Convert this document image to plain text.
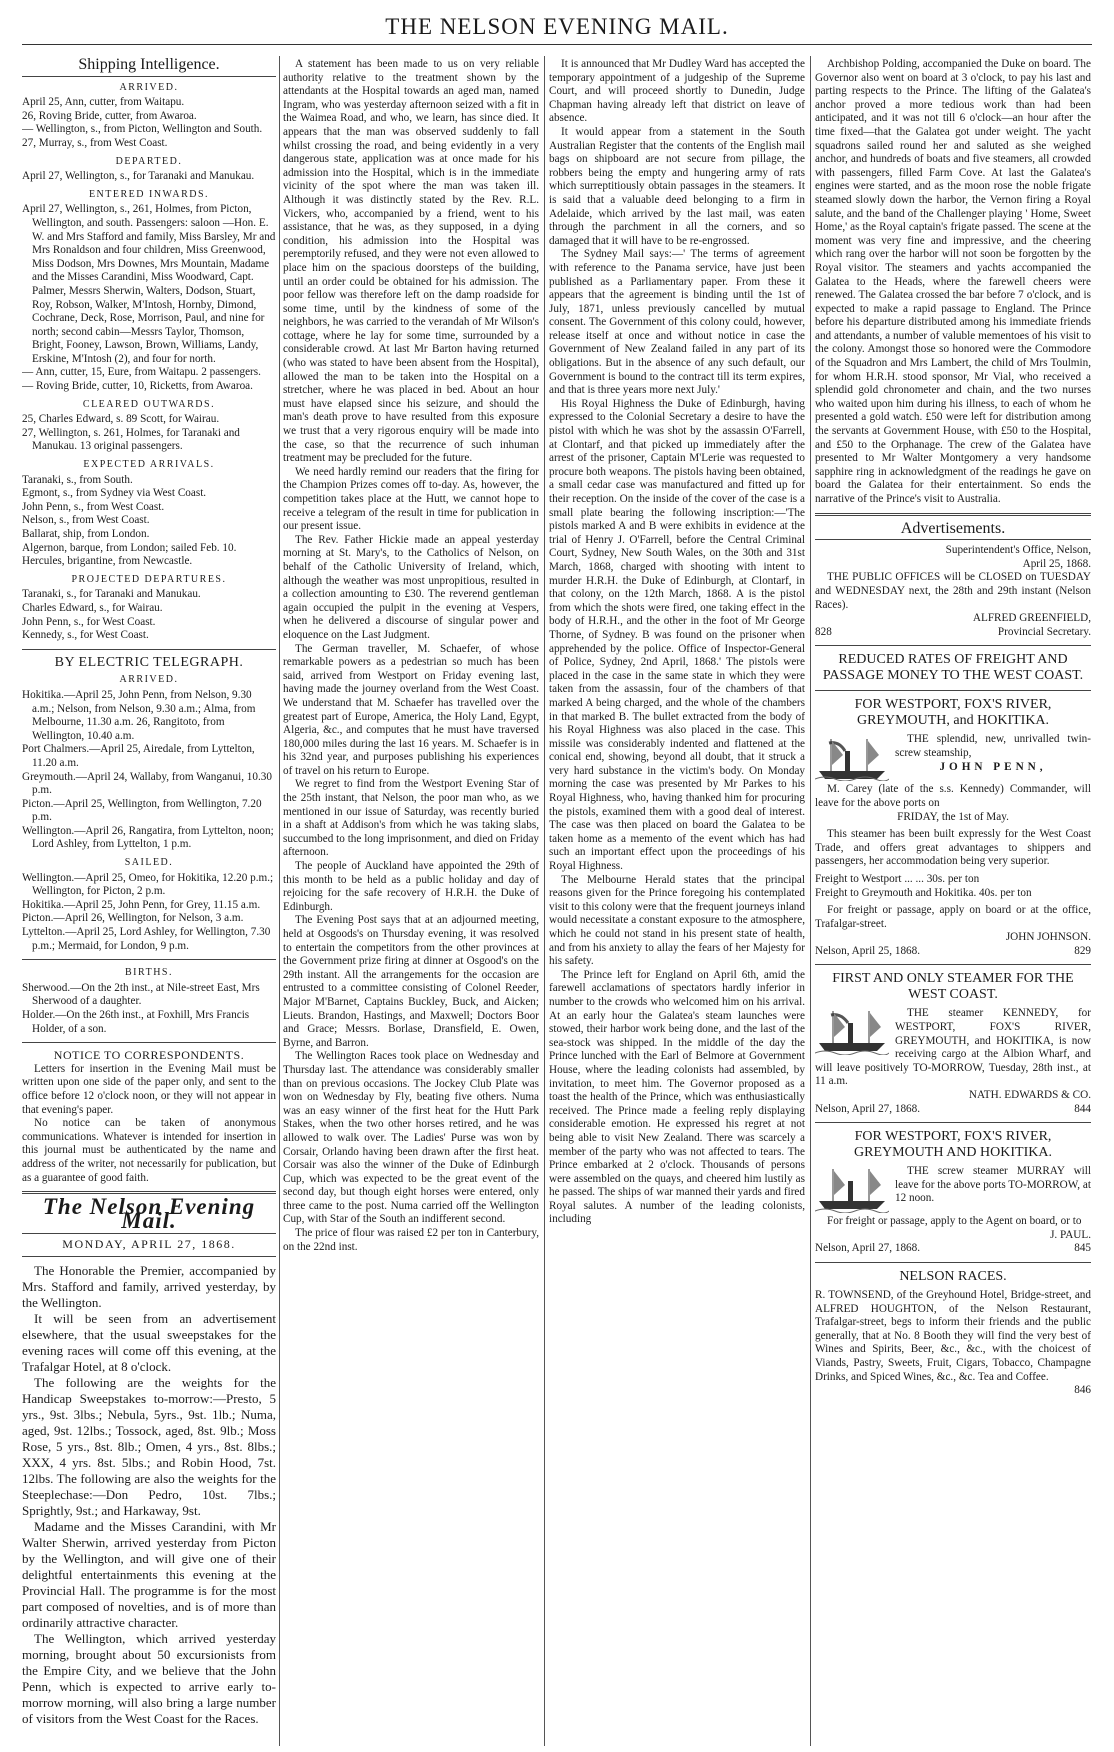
THE NELSON EVENING MAIL.
Shipping Intelligence.
ARRIVED.
April 25, Ann, cutter, from Waitapu.
26, Roving Bride, cutter, from Awaroa.
— Wellington, s., from Picton, Wellington and South.
27, Murray, s., from West Coast.
DEPARTED.
April 27, Wellington, s., for Taranaki and Manukau.
ENTERED INWARDS.
April 27, Wellington, s., 261, Holmes, from Picton, Wellington, and south. Passengers: saloon —Hon. E. W. and Mrs Stafford and family, Miss Barsley, Mr and Mrs Ronaldson and four children, Miss Greenwood, Miss Dodson, Mrs Downes, Mrs Mountain, Madame and the Misses Carandini, Miss Woodward, Capt. Palmer, Messrs Sherwin, Walters, Dodson, Stuart, Roy, Robson, Walker, M'Intosh, Hornby, Dimond, Cochrane, Deck, Rose, Morrison, Paul, and nine for north; second cabin—Messrs Taylor, Thomson, Bright, Fooney, Lawson, Brown, Williams, Landy, Erskine, M'Intosh (2), and four for north.
— Ann, cutter, 15, Eure, from Waitapu. 2 passengers.
— Roving Bride, cutter, 10, Ricketts, from Awaroa.
CLEARED OUTWARDS.
25, Charles Edward, s. 89 Scott, for Wairau.
27, Wellington, s. 261, Holmes, for Taranaki and Manukau. 13 original passengers.
EXPECTED ARRIVALS.
Taranaki, s., from South.
Egmont, s., from Sydney via West Coast.
John Penn, s., from West Coast.
Nelson, s., from West Coast.
Ballarat, ship, from London.
Algernon, barque, from London; sailed Feb. 10.
Hercules, brigantine, from Newcastle.
PROJECTED DEPARTURES.
Taranaki, s., for Taranaki and Manukau.
Charles Edward, s., for Wairau.
John Penn, s., for West Coast.
Kennedy, s., for West Coast.
BY ELECTRIC TELEGRAPH.
ARRIVED.
Hokitika.—April 25, John Penn, from Nelson, 9.30 a.m.; Nelson, from Nelson, 9.30 a.m.; Alma, from Melbourne, 11.30 a.m. 26, Rangitoto, from Wellington, 10.40 a.m.
Port Chalmers.—April 25, Airedale, from Lyttelton, 11.20 a.m.
Greymouth.—April 24, Wallaby, from Wanganui, 10.30 p.m.
Picton.—April 25, Wellington, from Wellington, 7.20 p.m.
Wellington.—April 26, Rangatira, from Lyttelton, noon; Lord Ashley, from Lyttelton, 1 p.m.
SAILED.
Wellington.—April 25, Omeo, for Hokitika, 12.20 p.m.; Wellington, for Picton, 2 p.m.
Hokitika.—April 25, John Penn, for Grey, 11.15 a.m.
Picton.—April 26, Wellington, for Nelson, 3 a.m.
Lyttelton.—April 25, Lord Ashley, for Wellington, 7.30 p.m.; Mermaid, for London, 9 p.m.
BIRTHS.
Sherwood.—On the 2th inst., at Nile-street East, Mrs Sherwood of a daughter.
Holder.—On the 26th inst., at Foxhill, Mrs Francis Holder, of a son.
NOTICE TO CORRESPONDENTS.

Letters for insertion in the Evening Mail must be written upon one side of the paper only, and sent to the office before 12 o'clock noon, or they will not appear in that evening's paper.

No notice can be taken of anonymous communications. Whatever is intended for insertion in this journal must be authenticated by the name and address of the writer, not necessarily for publication, but as a guarantee of good faith.

The Nelson Evening Mail.
MONDAY, APRIL 27, 1868.

The Honorable the Premier, accompanied by Mrs. Stafford and family, arrived yesterday, by the Wellington.

It will be seen from an advertisement elsewhere, that the usual sweepstakes for the evening races will come off this evening, at the Trafalgar Hotel, at 8 o'clock.

The following are the weights for the Handicap Sweepstakes to-morrow:—Presto, 5 yrs., 9st. 3lbs.; Nebula, 5yrs., 9st. 1lb.; Numa, aged, 9st. 12lbs.; Tossock, aged, 8st. 9lb.; Moss Rose, 5 yrs., 8st. 8lb.; Omen, 4 yrs., 8st. 8lbs.; XXX, 4 yrs. 8st. 5lbs.; and Robin Hood, 7st. 12lbs. The following are also the weights for the Steeplechase:—Don Pedro, 10st. 7lbs.; Sprightly, 9st.; and Harkaway, 9st.

Madame and the Misses Carandini, with Mr Walter Sherwin, arrived yesterday from Picton by the Wellington, and will give one of their delightful entertainments this evening at the Provincial Hall. The programme is for the most part composed of novelties, and is of more than ordinarily attractive character.

The Wellington, which arrived yesterday morning, brought about 50 excursionists from the Empire City, and we believe that the John Penn, which is expected to arrive early to-morrow morning, will also bring a large number of visitors from the West Coast for the Races.

A statement has been made to us on very reliable authority relative to the treatment shown by the attendants at the Hospital towards an aged man, named Ingram, who was yesterday afternoon seized with a fit in the Waimea Road, and who, we learn, has since died. It appears that the man was observed suddenly to fall whilst crossing the road, and being evidently in a very dangerous state, application was at once made for his admission into the Hospital, which is in the immediate vicinity of the spot where the man was taken ill. Although it was distinctly stated by the Rev. R.L. Vickers, who, accompanied by a friend, went to his assistance, that he was, as they supposed, in a dying condition, his admission into the Hospital was peremptorily refused, and they were not even allowed to place him on the spacious doorsteps of the building, until an order could be obtained for his admission. The poor fellow was therefore left on the damp roadside for some time, until by the kindness of some of the neighbors, he was carried to the verandah of Mr Wilson's cottage, where he lay for some time, surrounded by a considerable crowd. At last Mr Barton having returned (who was stated to have been absent from the Hospital), allowed the man to be taken into the Hospital on a stretcher, where he was placed in bed. About an hour must have elapsed since his seizure, and should the man's death prove to have resulted from this exposure we trust that a very rigorous enquiry will be made into the case, so that the recurrence of such inhuman treatment may be precluded for the future.

We need hardly remind our readers that the firing for the Champion Prizes comes off to-day. As, however, the competition takes place at the Hutt, we cannot hope to receive a telegram of the result in time for publication in our present issue.

The Rev. Father Hickie made an appeal yesterday morning at St. Mary's, to the Catholics of Nelson, on behalf of the Catholic University of Ireland, which, although the weather was most unpropitious, resulted in a collection amounting to £30. The reverend gentleman again occupied the pulpit in the evening at Vespers, when he delivered a discourse of singular power and eloquence on the Last Judgment.

The German traveller, M. Schaefer, of whose remarkable powers as a pedestrian so much has been said, arrived from Westport on Friday evening last, having made the journey overland from the West Coast. We understand that M. Schaefer has travelled over the greatest part of Europe, America, the Holy Land, Egypt, Algeria, &c., and computes that he must have traversed 180,000 miles during the last 16 years. M. Schaefer is in his 32nd year, and purposes publishing his experiences of travel on his return to Europe.

We regret to find from the Westport Evening Star of the 25th instant, that Nelson, the poor man who, as we mentioned in our issue of Saturday, was recently buried in a shaft at Addison's from which he was taking slabs, succumbed to the long imprisonment, and died on Friday afternoon.

The people of Auckland have appointed the 29th of this month to be held as a public holiday and day of rejoicing for the safe recovery of H.R.H. the Duke of Edinburgh.

The Evening Post says that at an adjourned meeting, held at Osgoods's on Thursday evening, it was resolved to entertain the competitors from the other provinces at the Government prize firing at dinner at Osgood's on the 29th instant. All the arrangements for the occasion are entrusted to a committee consisting of Colonel Reeder, Major M'Barnet, Captains Buckley, Buck, and Aicken; Lieuts. Brandon, Hastings, and Maxwell; Doctors Boor and Grace; Messrs. Borlase, Dransfield, E. Owen, Byrne, and Barron.

The Wellington Races took place on Wednesday and Thursday last. The attendance was considerably smaller than on previous occasions. The Jockey Club Plate was won on Wednesday by Fly, beating five others. Numa was an easy winner of the first heat for the Hutt Park Stakes, when the two other horses retired, and he was allowed to walk over. The Ladies' Purse was won by Corsair, Orlando having been drawn after the first heat. Corsair was also the winner of the Duke of Edinburgh Cup, which was expected to be the great event of the second day, but though eight horses were entered, only three came to the post. Numa carried off the Wellington Cup, with Star of the South an indifferent second.

The price of flour was raised £2 per ton in Canterbury, on the 22nd inst.

It is announced that Mr Dudley Ward has accepted the temporary appointment of a judgeship of the Supreme Court, and will proceed shortly to Dunedin, Judge Chapman having already left that district on leave of absence.

It would appear from a statement in the South Australian Register that the contents of the English mail bags on shipboard are not secure from pillage, the robbers being the empty and hungering army of rats which surreptitiously obtain passages in the steamers. It is said that a valuable deed belonging to a firm in Adelaide, which arrived by the last mail, was eaten through the parchment in all the corners, and so damaged that it will have to be re-engrossed.

The Sydney Mail says:—' The terms of agreement with reference to the Panama service, have just been published as a Parliamentary paper. From these it appears that the agreement is binding until the 1st of July, 1871, unless previously cancelled by mutual consent. The Government of this colony could, however, release itself at once and without notice in case the Government of New Zealand failed in any part of its obligations. But in the absence of any such default, our Government is bound to the contract till its term expires, and that is three years more next July.'

His Royal Highness the Duke of Edinburgh, having expressed to the Colonial Secretary a desire to have the pistol with which he was shot by the assassin O'Farrell, at Clontarf, and that picked up immediately after the arrest of the prisoner, Captain M'Lerie was requested to procure both weapons. The pistols having been obtained, a small cedar case was manufactured and fitted up for their reception. On the inside of the cover of the case is a small plate bearing the following inscription:—'The pistols marked A and B were exhibits in evidence at the trial of Henry J. O'Farrell, before the Central Criminal Court, Sydney, New South Wales, on the 30th and 31st March, 1868, charged with shooting with intent to murder H.R.H. the Duke of Edinburgh, at Clontarf, in that colony, on the 12th March, 1868. A is the pistol from which the shots were fired, one taking effect in the body of H.R.H., and the other in the foot of Mr George Thorne, of Sydney. B was found on the prisoner when apprehended by the police. Office of Inspector-General of Police, Sydney, 2nd April, 1868.' The pistols were placed in the case in the same state in which they were taken from the assassin, four of the chambers of that marked A being charged, and the whole of the chambers in that marked B. The bullet extracted from the body of his Royal Highness was also placed in the case. This missile was considerably indented and flattened at the conical end, showing, beyond all doubt, that it struck a very hard substance in the victim's body. On Monday morning the case was presented by Mr Parkes to his Royal Highness, who, having thanked him for procuring the pistols, examined them with a good deal of interest. The case was then placed on board the Galatea to be taken home as a memento of the event which has had such an important effect upon the proceedings of his Royal Highness.

The Melbourne Herald states that the principal reasons given for the Prince foregoing his contemplated visit to this colony were that the frequent journeys inland would necessitate a constant exposure to the atmosphere, which he could not stand in his present state of health, and from his anxiety to allay the fears of her Majesty for his safety.

The Prince left for England on April 6th, amid the farewell acclamations of spectators hardly inferior in number to the crowds who welcomed him on his arrival. At an early hour the Galatea's steam launches were stowed, their harbor work being done, and the last of the sea-stock was shipped. In the middle of the day the Prince lunched with the Earl of Belmore at Government House, where the leading colonists had assembled, by invitation, to meet him. The Governor proposed as a toast the health of the Prince, which was enthusiastically received. The Prince made a feeling reply displaying considerable emotion. He expressed his regret at not being able to visit New Zealand. There was scarcely a member of the party who was not affected to tears. The Prince embarked at 2 o'clock. Thousands of persons were assembled on the quays, and cheered him lustily as he passed. The ships of war manned their yards and fired Royal salutes. A number of the leading colonists, including

Archbishop Polding, accompanied the Duke on board. The Governor also went on board at 3 o'clock, to pay his last and parting respects to the Prince. The lifting of the Galatea's anchor proved a more tedious work than had been anticipated, and it was not till 6 o'clock—an hour after the time fixed—that the Galatea got under weight. The yacht squadrons sailed round her and saluted as she weighed anchor, and hundreds of boats and five steamers, all crowded with passengers, filled Farm Cove. At last the Galatea's engines were started, and as the moon rose the noble frigate steamed slowly down the harbor, the Vernon firing a Royal salute, and the band of the Challenger playing ' Home, Sweet Home,' as the Royal captain's frigate passed. The scene at the moment was very fine and impressive, and the cheering which rang over the harbor will not soon be forgotten by the Royal visitor. The steamers and yachts accompanied the Galatea to the Heads, where the farewell cheers were renewed. The Galatea crossed the bar before 7 o'clock, and is expected to make a rapid passage to England. The Prince before his departure distributed among his immediate friends and attendants, a number of valuble mementoes of his visit to the colony. Amongst those so honored were the Commodore of the Squadron and Mrs Lambert, the child of Mrs Toulmin, for whom H.R.H. stood sponsor, Mr Vial, who received a splendid gold chronometer and chain, and the two nurses who waited upon him during his illness, to each of whom he presented a gold watch. £50 were left for distribution among the servants at Government House, with £50 to the Hospital, and £50 to the Orphanage. The crew of the Galatea have presented to Mr Walter Montgomery a very handsome sapphire ring in acknowledgment of the readings he gave on board the Galatea for their entertainment. So ends the narrative of the Prince's visit to Australia.

Advertisements.
Superintendent's Office, Nelson,
April 25, 1868.

THE PUBLIC OFFICES will be CLOSED on TUESDAY and WEDNESDAY next, the 28th and 29th instant (Nelson Races).

ALFRED GREENFIELD,
828	Provincial Secretary.
REDUCED RATES OF FREIGHT AND PASSAGE MONEY TO THE WEST COAST.
FOR WESTPORT, FOX'S RIVER, GREYMOUTH, and HOKITIKA.

THE splendid, new, unrivalled twin-screw steamship,

JOHN PENN,

M. Carey (late of the s.s. Kennedy) Commander, will leave for the above ports on

FRIDAY, the 1st of May.

This steamer has been built expressly for the West Coast Trade, and offers great advantages to shippers and passengers, her accommodation being very superior.

Freight to Westport ... ... 30s. per ton
Freight to Greymouth and Hokitika. 40s. per ton

For freight or passage, apply on board or at the office, Trafalgar-street.

JOHN JOHNSON.
Nelson, April 25, 1868.	829
FIRST AND ONLY STEAMER FOR THE WEST COAST.

THE steamer KENNEDY, for WESTPORT, FOX'S RIVER, GREYMOUTH, and HOKITIKA, is now receiving cargo at the Albion Wharf, and will leave positively TO-MORROW, Tuesday, 28th inst., at 11 a.m.

NATH. EDWARDS & CO.
Nelson, April 27, 1868.	844
FOR WESTPORT, FOX'S RIVER, GREYMOUTH AND HOKITIKA.

THE screw steamer MURRAY will leave for the above ports TO-MORROW, at 12 noon.

For freight or passage, apply to the Agent on board, or to

J. PAUL.
Nelson, April 27, 1868.	845
NELSON RACES.

R. TOWNSEND, of the Greyhound Hotel, Bridge-street, and ALFRED HOUGHTON, of the Nelson Restaurant, Trafalgar-street, begs to inform their friends and the public generally, that at No. 8 Booth they will find the very best of Wines and Spirits, Beer, &c., &c., with the choicest of Viands, Pastry, Sweets, Fruit, Cigars, Tobacco, Champagne Drinks, and Spiced Wines, &c., &c. Tea and Coffee.

846
